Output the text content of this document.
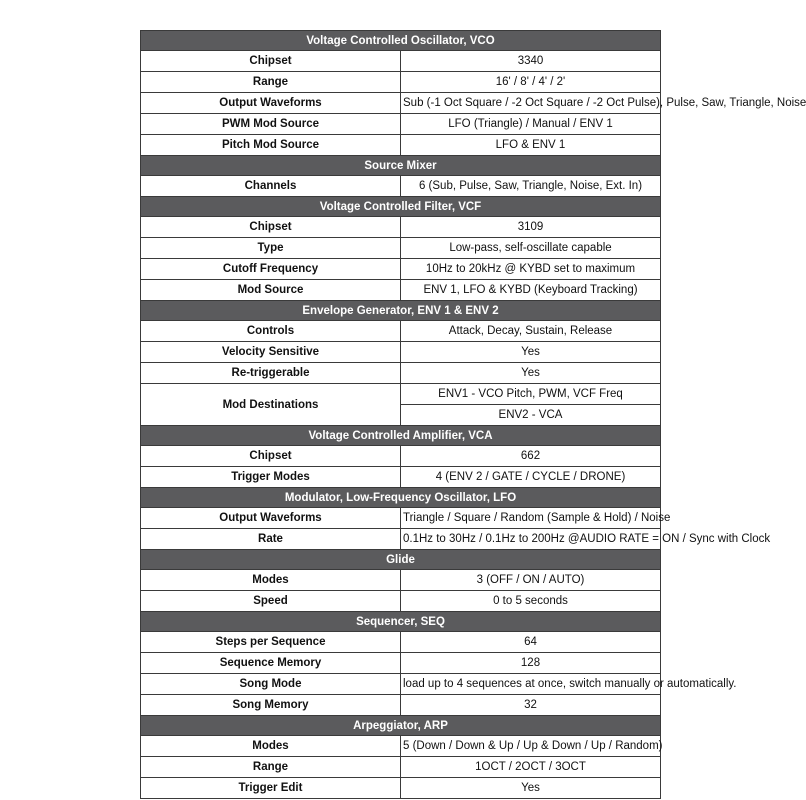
Voltage Controlled Oscillator, VCO	
Chipset	3340
Range	16' / 8' / 4' / 2'
Output Waveforms	Sub (-1 Oct Square / -2 Oct Square / -2 Oct Pulse), Pulse, Saw, Triangle, Noise
PWM Mod Source	LFO (Triangle) / Manual / ENV 1
Pitch Mod Source	LFO & ENV 1
Source Mixer	
Channels	6 (Sub, Pulse, Saw, Triangle, Noise, Ext. In)
Voltage Controlled Filter, VCF	
Chipset	3109
Type	Low-pass, self-oscillate capable
Cutoff Frequency	10Hz to 20kHz @ KYBD set to maximum
Mod Source	ENV 1, LFO & KYBD (Keyboard Tracking)
Envelope Generator, ENV 1 & ENV 2	
Controls	Attack, Decay, Sustain, Release
Velocity Sensitive	Yes
Re-triggerable	Yes
Mod Destinations	ENV1 - VCO Pitch, PWM, VCF Freq
	ENV2 - VCA
Voltage Controlled Amplifier, VCA	
Chipset	662
Trigger Modes	4 (ENV 2 / GATE / CYCLE / DRONE)
Modulator, Low-Frequency Oscillator, LFO	
Output Waveforms	Triangle / Square / Random (Sample & Hold) / Noise
Rate	0.1Hz to 30Hz / 0.1Hz to 200Hz @AUDIO RATE = ON / Sync with Clock
Glide	
Modes	3 (OFF / ON / AUTO)
Speed	0 to 5 seconds
Sequencer, SEQ	
Steps per Sequence	64
Sequence Memory	128
Song Mode	load up to 4 sequences at once, switch manually or automatically.
Song Memory	32
Arpeggiator, ARP	
Modes	5 (Down / Down & Up / Up & Down / Up / Random)
Range	1OCT / 2OCT / 3OCT
Trigger Edit	Yes
